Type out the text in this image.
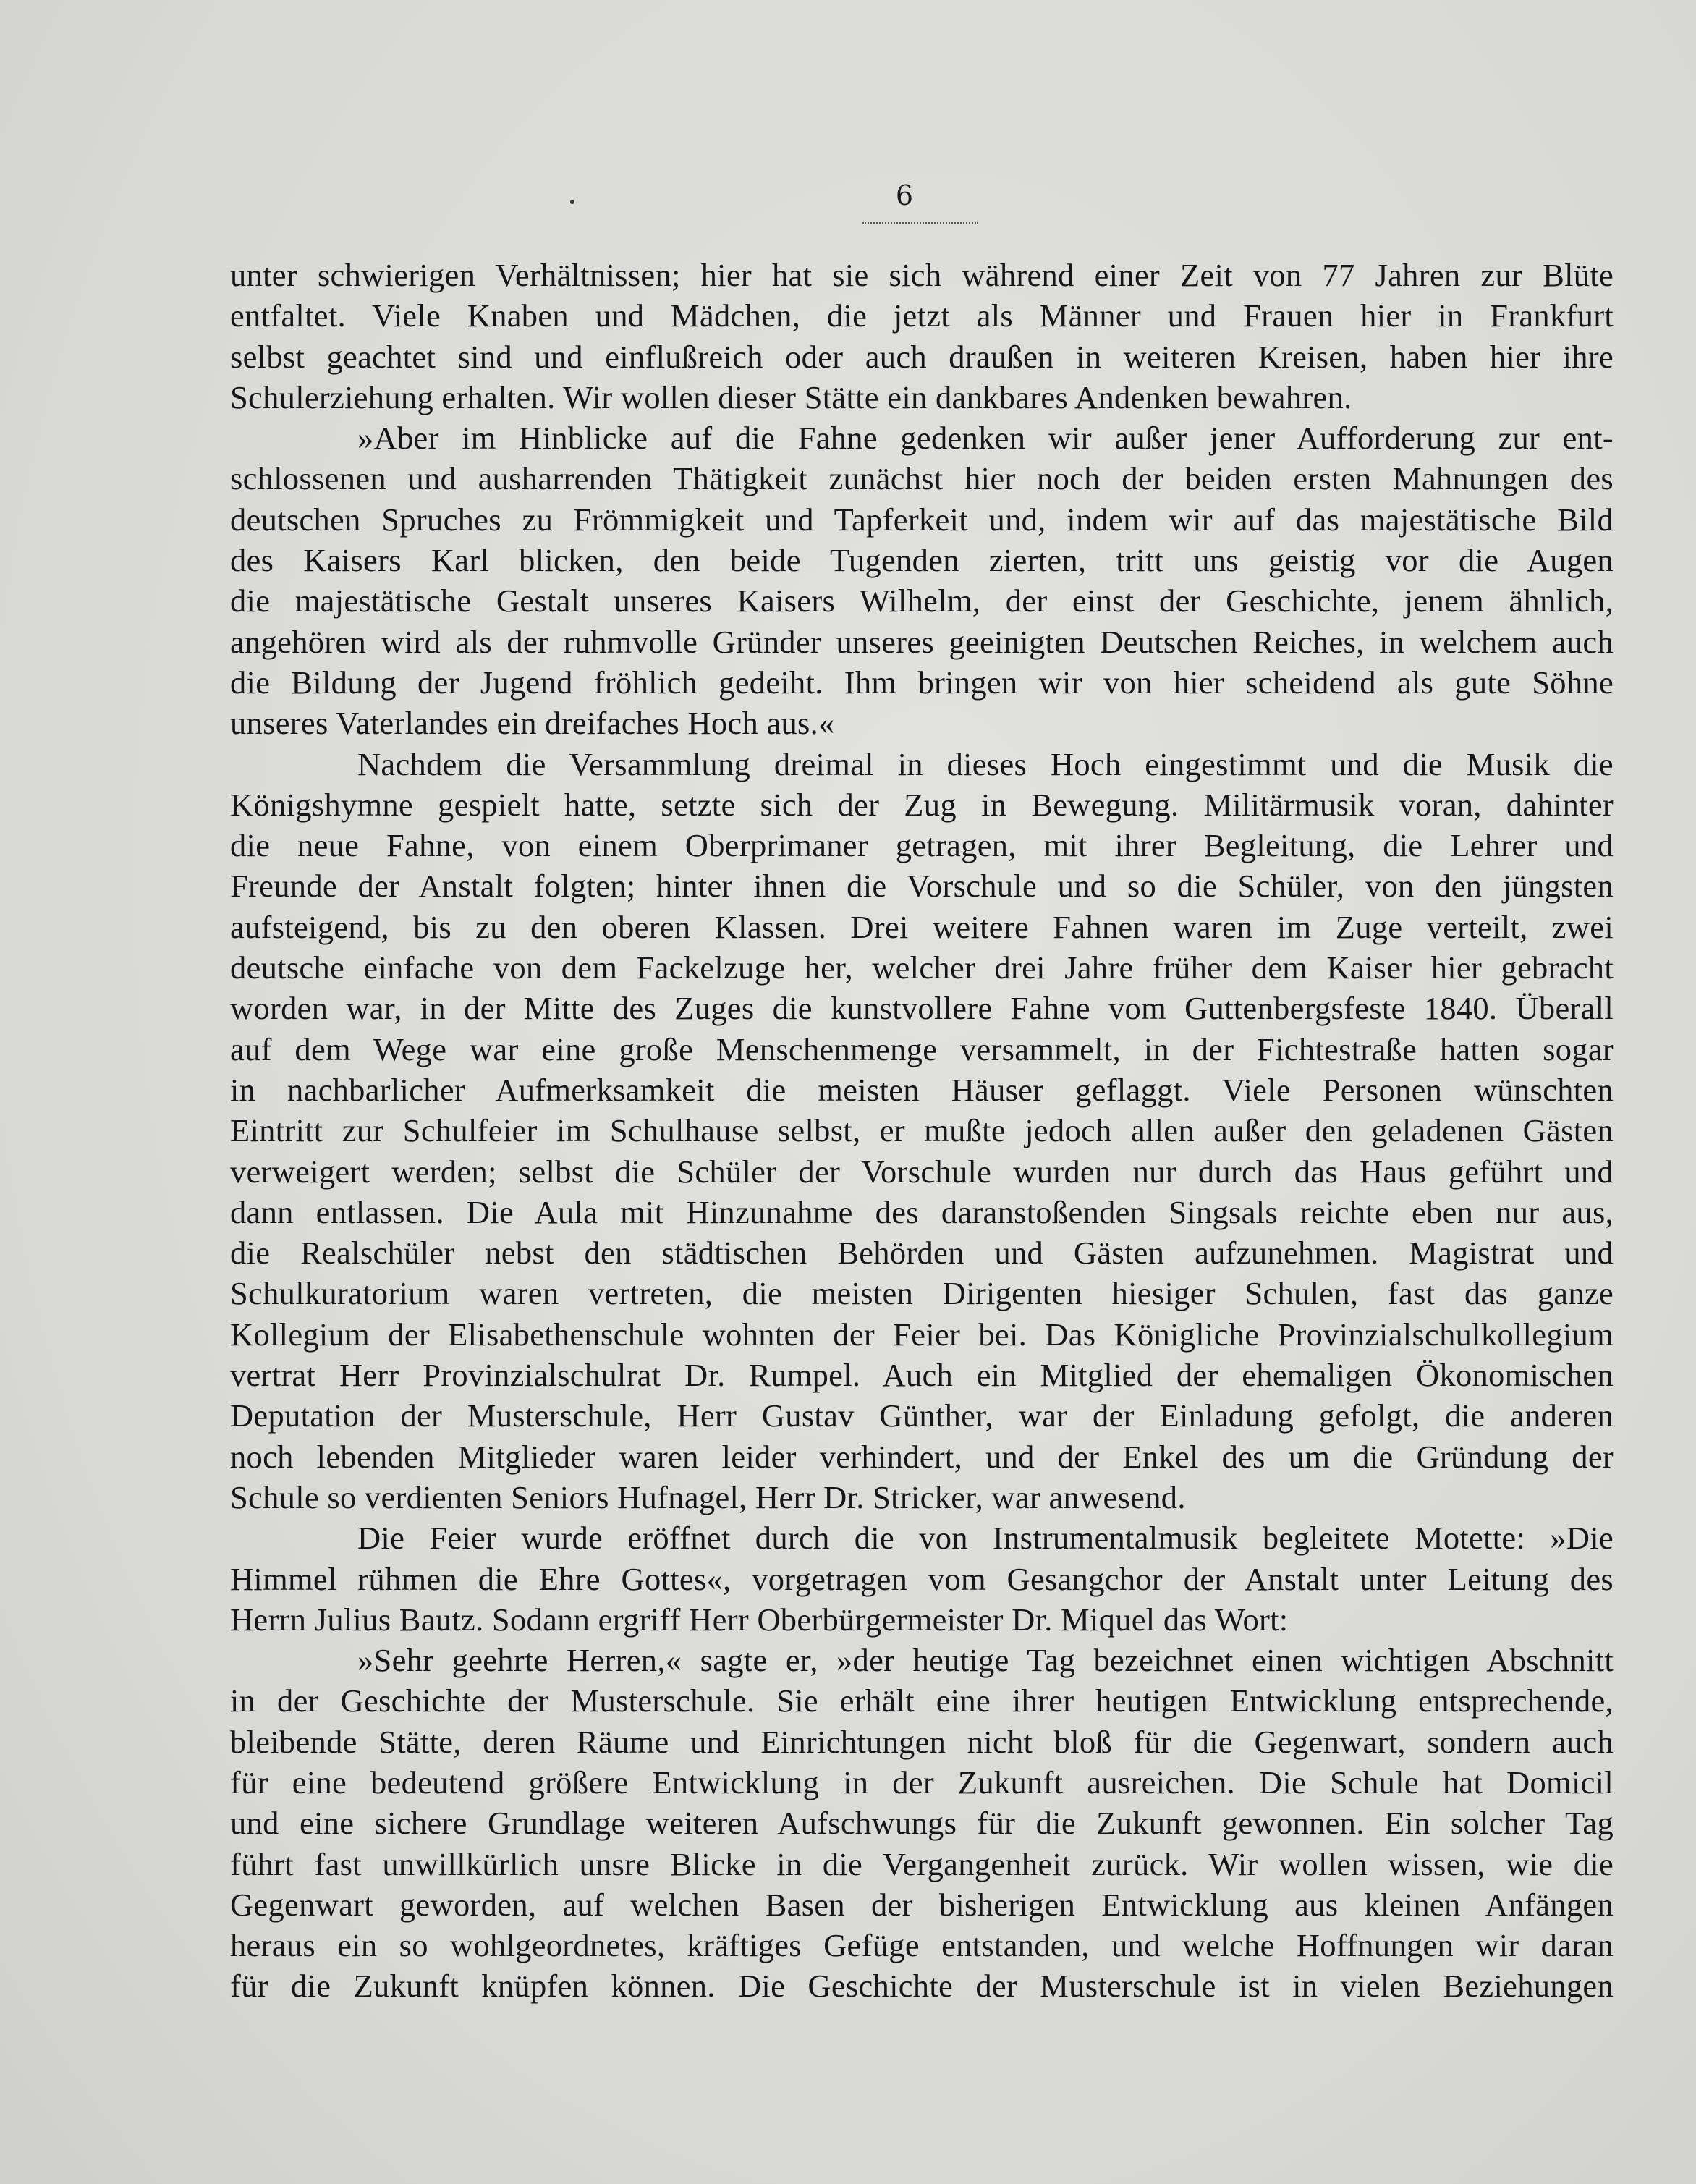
6

unter schwierigen Verhältnissen; hier hat sie sich während einer Zeit von 77 Jahren zur Blüte
entfaltet. Viele Knaben und Mädchen, die jetzt als Männer und Frauen hier in Frankfurt
selbst geachtet sind und einflußreich oder auch draußen in weiteren Kreisen, haben hier ihre
Schulerziehung erhalten. Wir wollen dieser Stätte ein dankbares Andenken bewahren.
»Aber im Hinblicke auf die Fahne gedenken wir außer jener Aufforderung zur ent-
schlossenen und ausharrenden Thätigkeit zunächst hier noch der beiden ersten Mahnungen des
deutschen Spruches zu Frömmigkeit und Tapferkeit und, indem wir auf das majestätische Bild
des Kaisers Karl blicken, den beide Tugenden zierten, tritt uns geistig vor die Augen
die majestätische Gestalt unseres Kaisers Wilhelm, der einst der Geschichte, jenem ähnlich,
angehören wird als der ruhmvolle Gründer unseres geeinigten Deutschen Reiches, in welchem auch
die Bildung der Jugend fröhlich gedeiht. Ihm bringen wir von hier scheidend als gute Söhne
unseres Vaterlandes ein dreifaches Hoch aus.«
Nachdem die Versammlung dreimal in dieses Hoch eingestimmt und die Musik die
Königshymne gespielt hatte, setzte sich der Zug in Bewegung. Militärmusik voran, dahinter
die neue Fahne, von einem Oberprimaner getragen, mit ihrer Begleitung, die Lehrer und
Freunde der Anstalt folgten; hinter ihnen die Vorschule und so die Schüler, von den jüngsten
aufsteigend, bis zu den oberen Klassen. Drei weitere Fahnen waren im Zuge verteilt, zwei
deutsche einfache von dem Fackelzuge her, welcher drei Jahre früher dem Kaiser hier gebracht
worden war, in der Mitte des Zuges die kunstvollere Fahne vom Guttenbergsfeste 1840. Überall
auf dem Wege war eine große Menschenmenge versammelt, in der Fichtestraße hatten sogar
in nachbarlicher Aufmerksamkeit die meisten Häuser geflaggt. Viele Personen wünschten
Eintritt zur Schulfeier im Schulhause selbst, er mußte jedoch allen außer den geladenen Gästen
verweigert werden; selbst die Schüler der Vorschule wurden nur durch das Haus geführt und
dann entlassen. Die Aula mit Hinzunahme des daranstoßenden Singsals reichte eben nur aus,
die Realschüler nebst den städtischen Behörden und Gästen aufzunehmen. Magistrat und
Schulkuratorium waren vertreten, die meisten Dirigenten hiesiger Schulen, fast das ganze
Kollegium der Elisabethenschule wohnten der Feier bei. Das Königliche Provinzialschulkollegium
vertrat Herr Provinzialschulrat Dr. Rumpel. Auch ein Mitglied der ehemaligen Ökonomischen
Deputation der Musterschule, Herr Gustav Günther, war der Einladung gefolgt, die anderen
noch lebenden Mitglieder waren leider verhindert, und der Enkel des um die Gründung der
Schule so verdienten Seniors Hufnagel, Herr Dr. Stricker, war anwesend.
Die Feier wurde eröffnet durch die von Instrumentalmusik begleitete Motette: »Die
Himmel rühmen die Ehre Gottes«, vorgetragen vom Gesangchor der Anstalt unter Leitung des
Herrn Julius Bautz. Sodann ergriff Herr Oberbürgermeister Dr. Miquel das Wort:
»Sehr geehrte Herren,« sagte er, »der heutige Tag bezeichnet einen wichtigen Abschnitt
in der Geschichte der Musterschule. Sie erhält eine ihrer heutigen Entwicklung entsprechende,
bleibende Stätte, deren Räume und Einrichtungen nicht bloß für die Gegenwart, sondern auch
für eine bedeutend größere Entwicklung in der Zukunft ausreichen. Die Schule hat Domicil
und eine sichere Grundlage weiteren Aufschwungs für die Zukunft gewonnen. Ein solcher Tag
führt fast unwillkürlich unsre Blicke in die Vergangenheit zurück. Wir wollen wissen, wie die
Gegenwart geworden, auf welchen Basen der bisherigen Entwicklung aus kleinen Anfängen
heraus ein so wohlgeordnetes, kräftiges Gefüge entstanden, und welche Hoffnungen wir daran
für die Zukunft knüpfen können. Die Geschichte der Musterschule ist in vielen Beziehungen
